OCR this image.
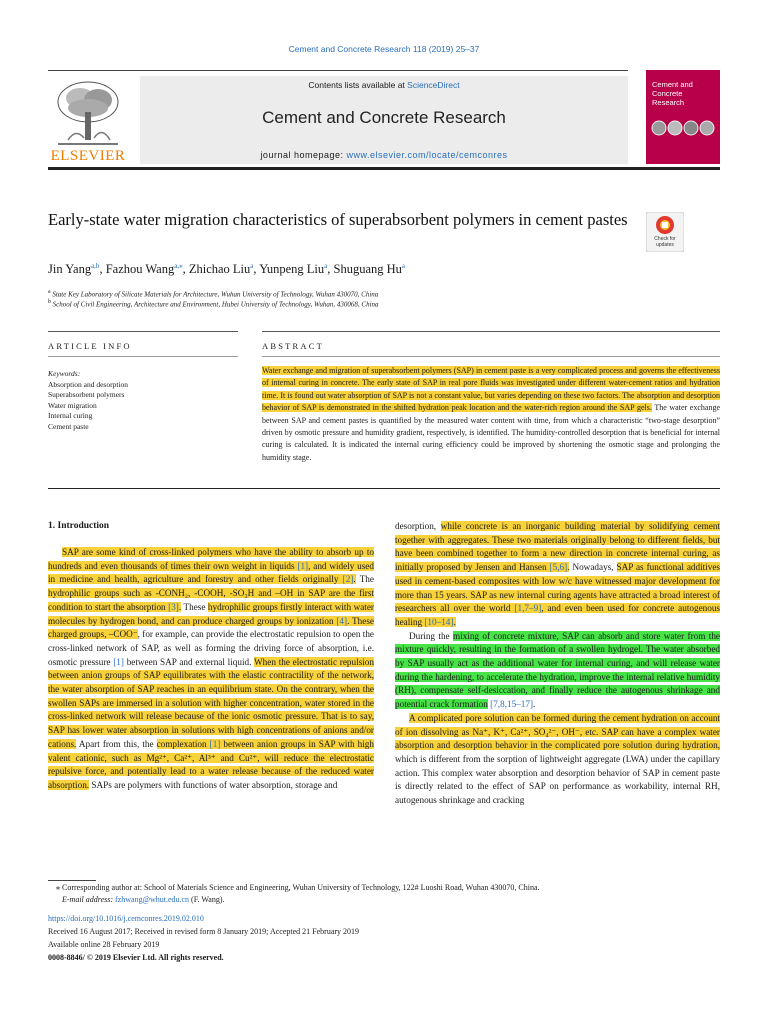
Cement and Concrete Research 118 (2019) 25–37
ELSEVIER
Contents lists available at ScienceDirect
Cement and Concrete Research
journal homepage: www.elsevier.com/locate/cemconres
Cement and Concrete Research
Early-state water migration characteristics of superabsorbent polymers in cement pastes
Check for updates
Jin Yang$^{a,b}$, Fazhou Wang$^{a,⁎}$, Zhichao Liu$^a$, Yunpeng Liu$^a$, Shuguang Hu$^a$
$^a$ State Key Laboratory of Silicate Materials for Architecture, Wuhan University of Technology, Wuhan 430070, China
$^b$ School of Civil Engineering, Architecture and Environment, Hubei University of Technology, Wuhan, 430068, China
ARTICLE INFO	ABSTRACT
Keywords:
Absorption and desorption
Superabsorbent polymers
Water migration
Internal curing
Cement paste
Water exchange and migration of superabsorbent polymers (SAP) in cement paste is a very complicated process and governs the effectiveness of internal curing in concrete. The early state of SAP in real pore fluids was investigated under different water-cement ratios and hydration time. It is found out water absorption of SAP is not a constant value, but varies depending on these two factors. The absorption and desorption behavior of SAP is demonstrated in the shifted hydration peak location and the water-rich region around the SAP gels. The water exchange between SAP and cement pastes is quantified by the measured water content with time, from which a characteristic “two-stage desorption” driven by osmotic pressure and humidity gradient, respectively, is identified. The humidity-controlled desorption that is beneficial for internal curing is calculated. It is indicated the internal curing efficiency could be improved by shortening the osmotic stage and prolonging the humidity stage.
1. Introduction

SAP are some kind of cross-linked polymers who have the ability to absorb up to hundreds and even thousands of times their own weight in liquids [1], and widely used in medicine and health, agriculture and forestry and other fields originally [2]. The hydrophilic groups such as -CONH₂, -COOH, -SO₃H and –OH in SAP are the first condition to start the absorption [3]. These hydrophilic groups firstly interact with water molecules by hydrogen bond, and can produce charged groups by ionization [4]. These charged groups, –COO⁻, for example, can provide the electrostatic repulsion to open the cross-linked network of SAP, as well as forming the driving force of absorption, i.e. osmotic pressure [1] between SAP and external liquid. When the electrostatic repulsion between anion groups of SAP equilibrates with the elastic contractility of the network, the water absorption of SAP reaches in an equilibrium state. On the contrary, when the swollen SAPs are immersed in a solution with higher concentration, water stored in the cross-linked network will release because of the ionic osmotic pressure. That is to say, SAP has lower water absorption in solutions with high concentrations of anions and/or cations. Apart from this, the complexation [1] between anion groups in SAP with high valent cationic, such as Mg²⁺, Ca²⁺, Al³⁺ and Cu²⁺, will reduce the electrostatic repulsive force, and potentially lead to a water release because of the reduced water absorption. SAPs are polymers with functions of water absorption, storage and

desorption, while concrete is an inorganic building material by solidifying cement together with aggregates. These two materials originally belong to different fields, but have been combined together to form a new direction in concrete internal curing, as initially proposed by Jensen and Hansen [5,6]. Nowadays, SAP as functional additives used in cement-based composites with low w/c have witnessed major development for more than 15 years. SAP as new internal curing agents have attracted a broad interest of researchers all over the world [1,7–9], and even been used for concrete autogenous healing [10–14].

During the mixing of concrete mixture, SAP can absorb and store water from the mixture quickly, resulting in the formation of a swollen hydrogel. The water absorbed by SAP usually act as the additional water for internal curing, and will release water during the hardening, to accelerate the hydration, improve the internal relative humidity (RH), compensate self-desiccation, and finally reduce the autogenous shrinkage and potential crack formation [7,8,15–17].

A complicated pore solution can be formed during the cement hydration on account of ion dissolving as Na⁺, K⁺, Ca²⁺, SO₄²⁻, OH⁻, etc. SAP can have a complex water absorption and desorption behavior in the complicated pore solution during hydration, which is different from the sorption of lightweight aggregate (LWA) under the capillary action. This complex water absorption and desorption behavior of SAP in cement paste is directly related to the effect of SAP on performance as workability, internal RH, autogenous shrinkage and cracking

⁎ Corresponding author at: School of Materials Science and Engineering, Wuhan University of Technology, 122# Luoshi Road, Wuhan 430070, China.
E-mail address: fzhwang@whut.edu.cn (F. Wang).
https://doi.org/10.1016/j.cemconres.2019.02.010
Received 16 August 2017; Received in revised form 8 January 2019; Accepted 21 February 2019
Available online 28 February 2019
0008-8846/ © 2019 Elsevier Ltd. All rights reserved.
